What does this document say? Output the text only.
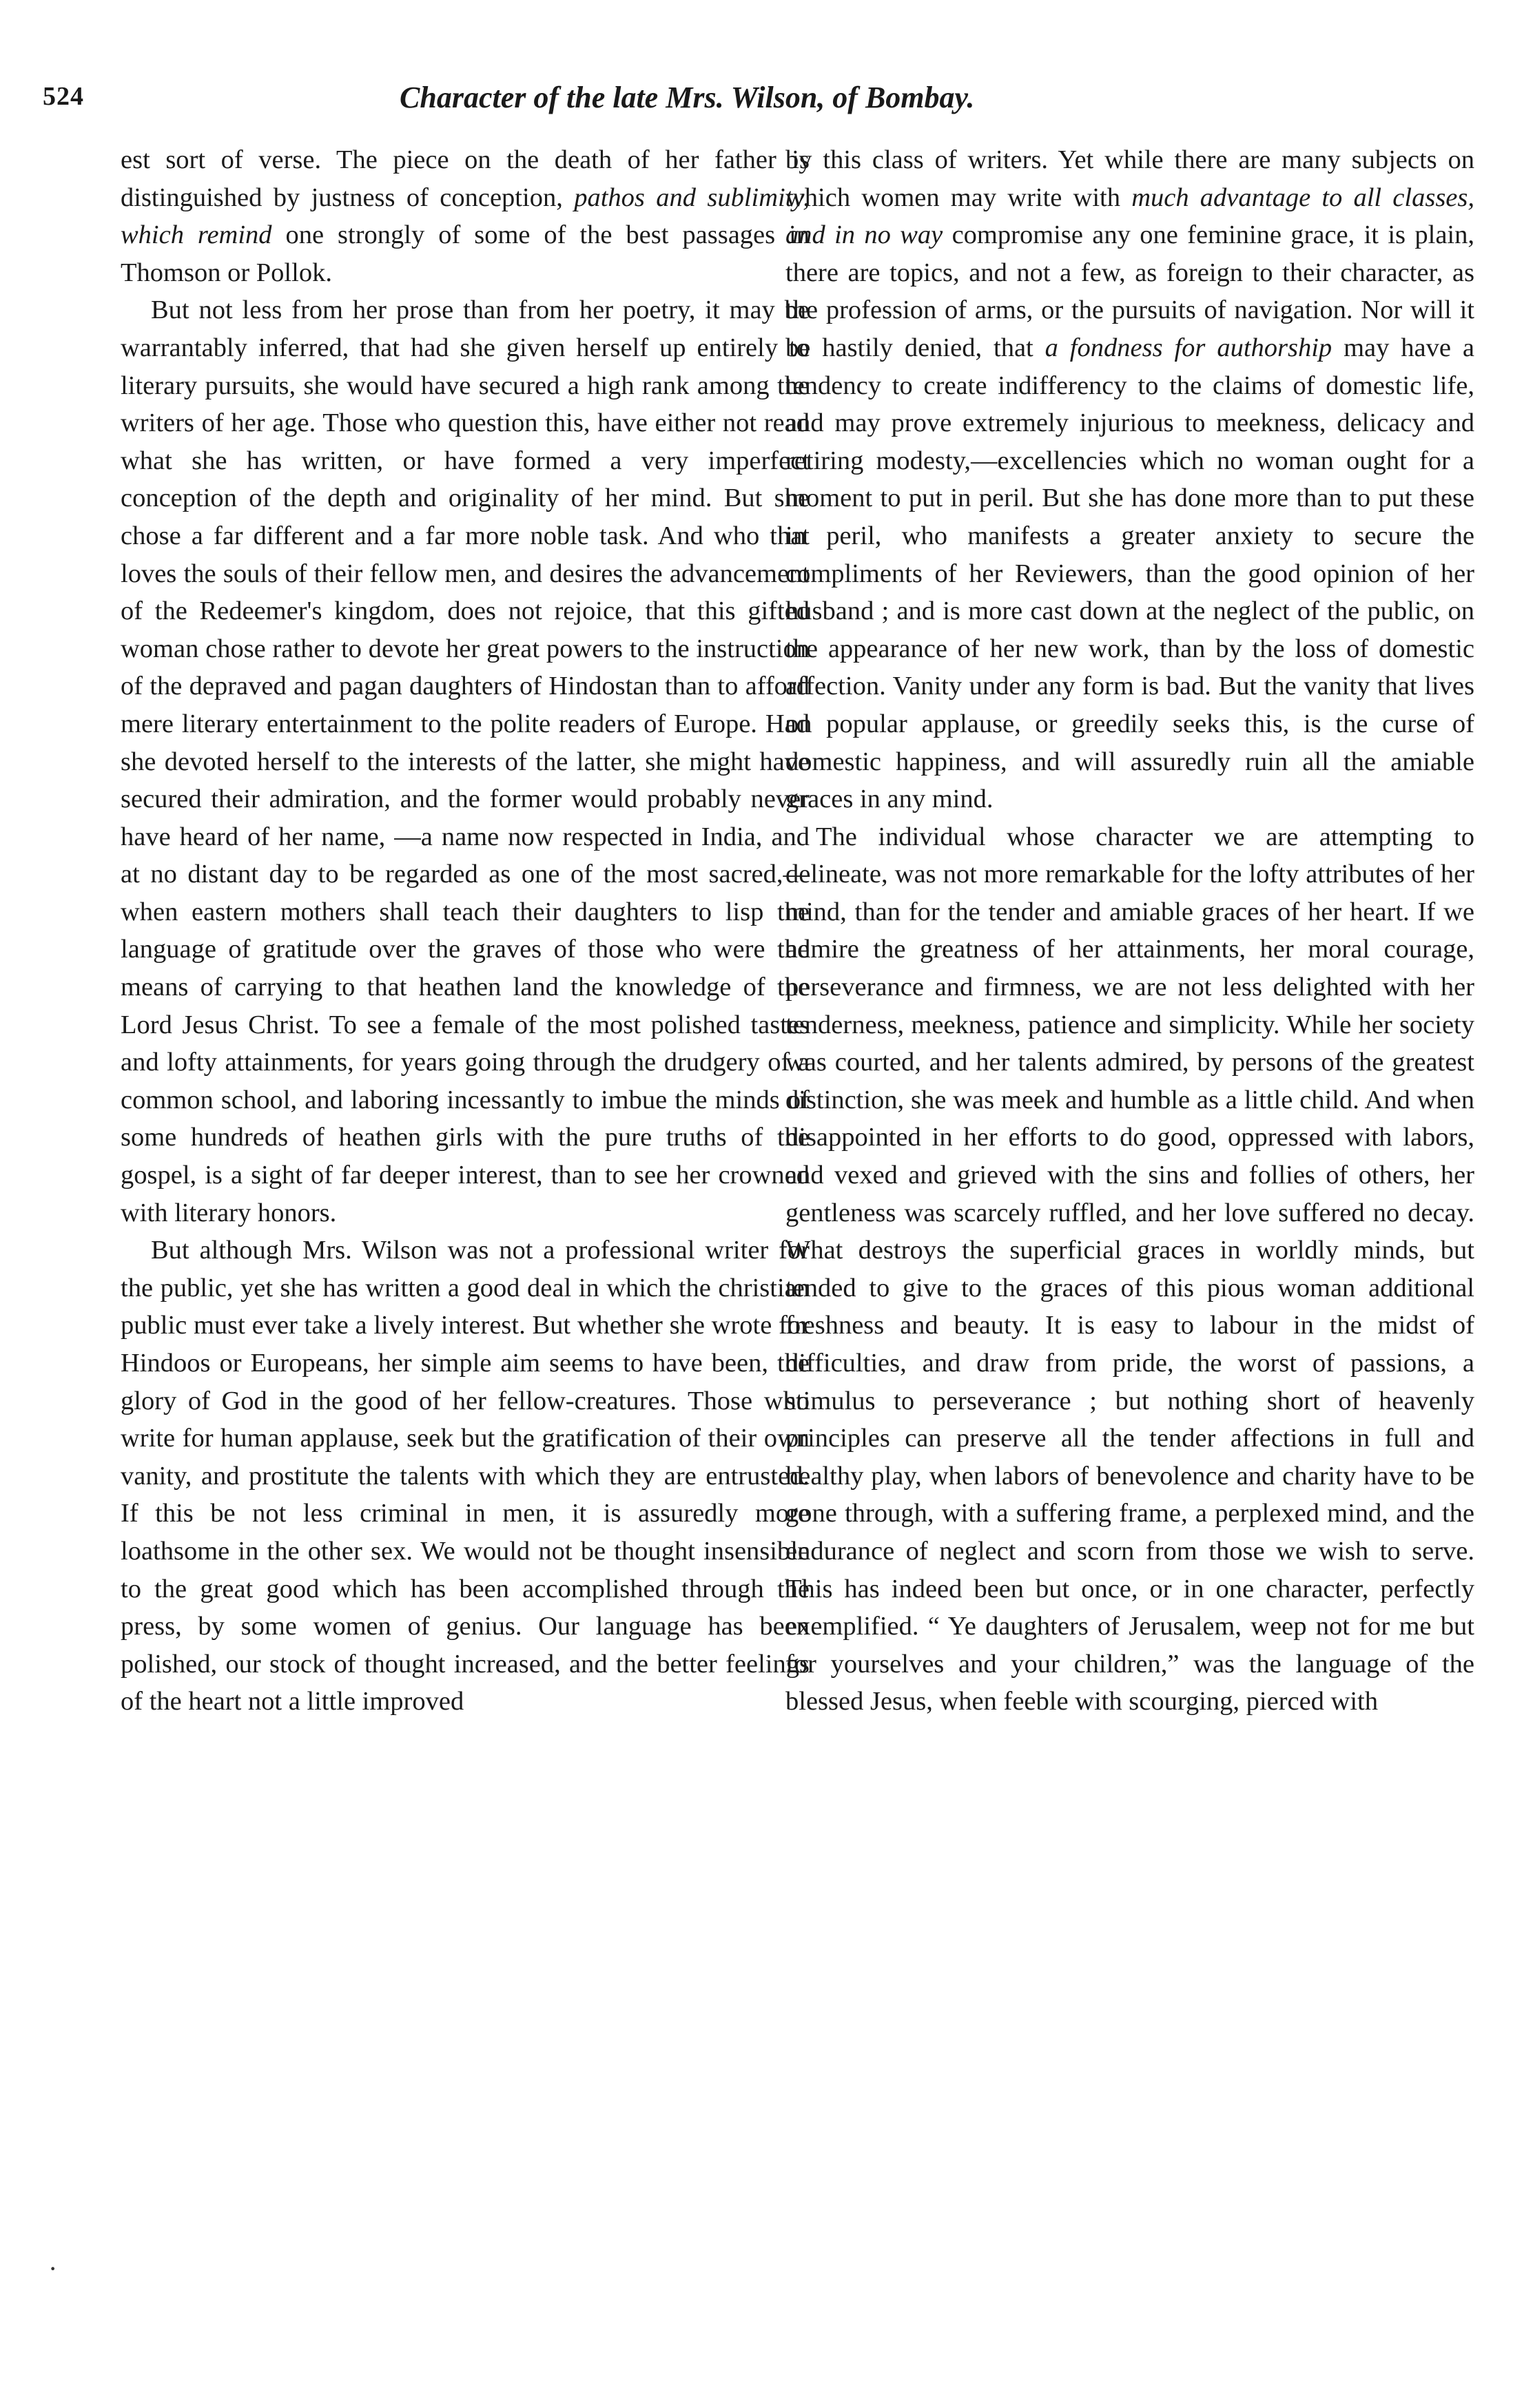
524	Character of the late Mrs. Wilson, of Bombay.

est sort of verse. The piece on the death of her father is distinguished by justness of conception, pathos and sublimity, which remind one strongly of some of the best passages in Thomson or Pollok.

But not less from her prose than from her poetry, it may be warrantably inferred, that had she given herself up entirely to literary pursuits, she would have secured a high rank among the writers of her age. Those who question this, have either not read what she has written, or have formed a very imperfect conception of the depth and originality of her mind. But she chose a far different and a far more noble task. And who that loves the souls of their fellow men, and desires the advancement of the Redeemer's kingdom, does not rejoice, that this gifted woman chose rather to devote her great powers to the instruction of the depraved and pagan daughters of Hindostan than to afford mere literary entertainment to the polite readers of Europe. Had she devoted herself to the interests of the latter, she might have secured their admiration, and the former would probably never have heard of her name, —a name now respected in India, and at no distant day to be regarded as one of the most sacred,—when eastern mothers shall teach their daughters to lisp the language of gratitude over the graves of those who were the means of carrying to that heathen land the knowledge of the Lord Jesus Christ. To see a female of the most polished tastes and lofty attainments, for years going through the drudgery of a common school, and laboring incessantly to imbue the minds of some hundreds of heathen girls with the pure truths of the gospel, is a sight of far deeper interest, than to see her crowned with literary honors.

But although Mrs. Wilson was not a professional writer for the public, yet she has written a good deal in which the christian public must ever take a lively interest. But whether she wrote for Hindoos or Europeans, her simple aim seems to have been, the glory of God in the good of her fellow-creatures. Those who write for human applause, seek but the gratification of their own vanity, and prostitute the talents with which they are entrusted. If this be not less criminal in men, it is assuredly more loathsome in the other sex. We would not be thought insensible to the great good which has been accomplished through the press, by some women of genius. Our language has been polished, our stock of thought increased, and the better feelings of the heart not a little improved

by this class of writers. Yet while there are many subjects on which women may write with much advantage to all classes, and in no way compromise any one feminine grace, it is plain, there are topics, and not a few, as foreign to their character, as the profession of arms, or the pursuits of navigation. Nor will it be hastily denied, that a fondness for authorship may have a tendency to create indifferency to the claims of domestic life, and may prove extremely injurious to meekness, delicacy and retiring modesty,—excellencies which no woman ought for a moment to put in peril. But she has done more than to put these in peril, who manifests a greater anxiety to secure the compliments of her Reviewers, than the good opinion of her husband ; and is more cast down at the neglect of the public, on the appearance of her new work, than by the loss of domestic affection. Vanity under any form is bad. But the vanity that lives on popular applause, or greedily seeks this, is the curse of domestic happiness, and will assuredly ruin all the amiable graces in any mind.

The individual whose character we are attempting to delineate, was not more remarkable for the lofty attributes of her mind, than for the tender and amiable graces of her heart. If we admire the greatness of her attainments, her moral courage, perseverance and firmness, we are not less delighted with her tenderness, meekness, patience and simplicity. While her society was courted, and her talents admired, by persons of the greatest distinction, she was meek and humble as a little child. And when disappointed in her efforts to do good, oppressed with labors, and vexed and grieved with the sins and follies of others, her gentleness was scarcely ruffled, and her love suffered no decay. What destroys the superficial graces in worldly minds, but tended to give to the graces of this pious woman additional freshness and beauty. It is easy to labour in the midst of difficulties, and draw from pride, the worst of passions, a stimulus to perseverance ; but nothing short of heavenly principles can preserve all the tender affections in full and healthy play, when labors of benevolence and charity have to be gone through, with a suffering frame, a perplexed mind, and the endurance of neglect and scorn from those we wish to serve. This has indeed been but once, or in one character, perfectly exemplified. “ Ye daughters of Jerusalem, weep not for me but for yourselves and your children,” was the language of the blessed Jesus, when feeble with scourging, pierced with

·
